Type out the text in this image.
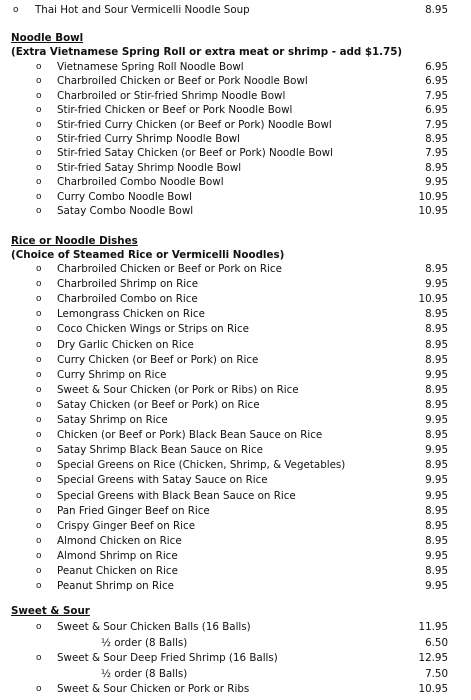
o Thai Hot and Sour Vermicelli Noodle Soup	8.95
Noodle Bowl
(Extra Vietnamese Spring Roll or extra meat or shrimp - add $1.75)
o Vietnamese Spring Roll Noodle Bowl	6.95
o Charbroiled Chicken or Beef or Pork Noodle Bowl	6.95
o Charbroiled or Stir-fried Shrimp Noodle Bowl	7.95
o Stir-fried Chicken or Beef or Pork Noodle Bowl	6.95
o Stir-fried Curry Chicken (or Beef or Pork) Noodle Bowl	7.95
o Stir-fried Curry Shrimp Noodle Bowl	8.95
o Stir-fried Satay Chicken (or Beef or Pork) Noodle Bowl	7.95
o Stir-fried Satay Shrimp Noodle Bowl	8.95
o Charbroiled Combo Noodle Bowl	9.95
o Curry Combo Noodle Bowl	10.95
o Satay Combo Noodle Bowl	10.95
Rice or Noodle Dishes
(Choice of Steamed Rice or Vermicelli Noodles)
o Charbroiled Chicken or Beef or Pork on Rice	8.95
o Charbroiled Shrimp on Rice	9.95
o Charbroiled Combo on Rice	10.95
o Lemongrass Chicken on Rice	8.95
o Coco Chicken Wings or Strips on Rice	8.95
o Dry Garlic Chicken on Rice	8.95
o Curry Chicken (or Beef or Pork) on Rice	8.95
o Curry Shrimp on Rice	9.95
o Sweet & Sour Chicken (or Pork or Ribs) on Rice	8.95
o Satay Chicken (or Beef or Pork) on Rice	8.95
o Satay Shrimp on Rice	9.95
o Chicken (or Beef or Pork) Black Bean Sauce on Rice	8.95
o Satay Shrimp Black Bean Sauce on Rice	9.95
o Special Greens on Rice (Chicken, Shrimp, & Vegetables)	8.95
o Special Greens with Satay Sauce on Rice	9.95
o Special Greens with Black Bean Sauce on Rice	9.95
o Pan Fried Ginger Beef on Rice	8.95
o Crispy Ginger Beef on Rice	8.95
o Almond Chicken on Rice	8.95
o Almond Shrimp on Rice	9.95
o Peanut Chicken on Rice	8.95
o Peanut Shrimp on Rice	9.95
Sweet & Sour
o Sweet & Sour Chicken Balls (16 Balls)	11.95
½ order (8 Balls)	6.50
o Sweet & Sour Deep Fried Shrimp (16 Balls)	12.95
½ order (8 Balls)	7.50
o Sweet & Sour Chicken or Pork or Ribs	10.95
